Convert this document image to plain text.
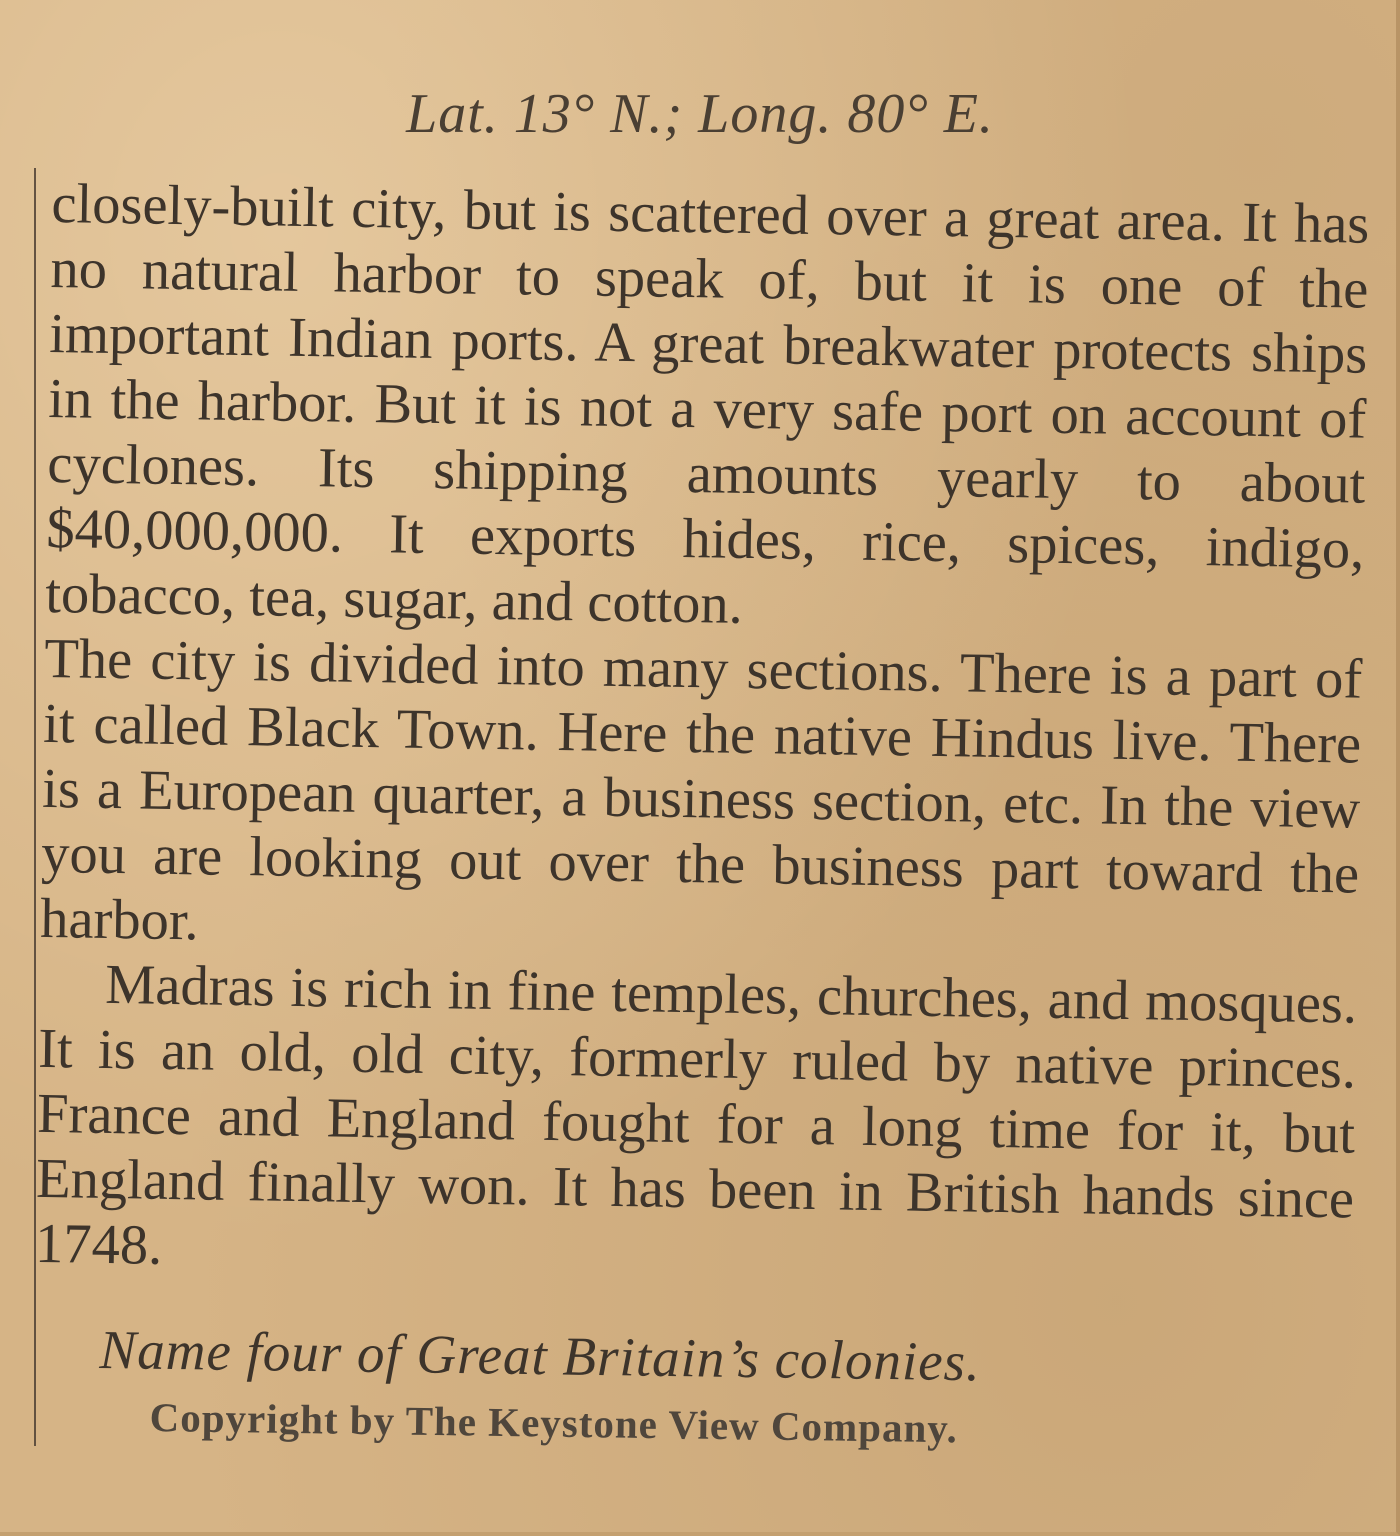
Lat. 13° N.; Long. 80° E.

closely-built city, but is scattered over a great area. It has no natural harbor to speak of, but it is one of the important Indian ports. A great breakwater protects ships in the harbor. But it is not a very safe port on account of cyclones. Its shipping amounts yearly to about $40,000,000. It exports hides, rice, spices, indigo, tobacco, tea, sugar, and cotton.

The city is divided into many sections. There is a part of it called Black Town. Here the native Hindus live. There is a European quarter, a business section, etc. In the view you are looking out over the business part toward the harbor.

Madras is rich in fine temples, churches, and mosques. It is an old, old city, formerly ruled by native princes. France and England fought for a long time for it, but England finally won. It has been in British hands since 1748.

Name four of Great Britain’s colonies.
Copyright by The Keystone View Company.
